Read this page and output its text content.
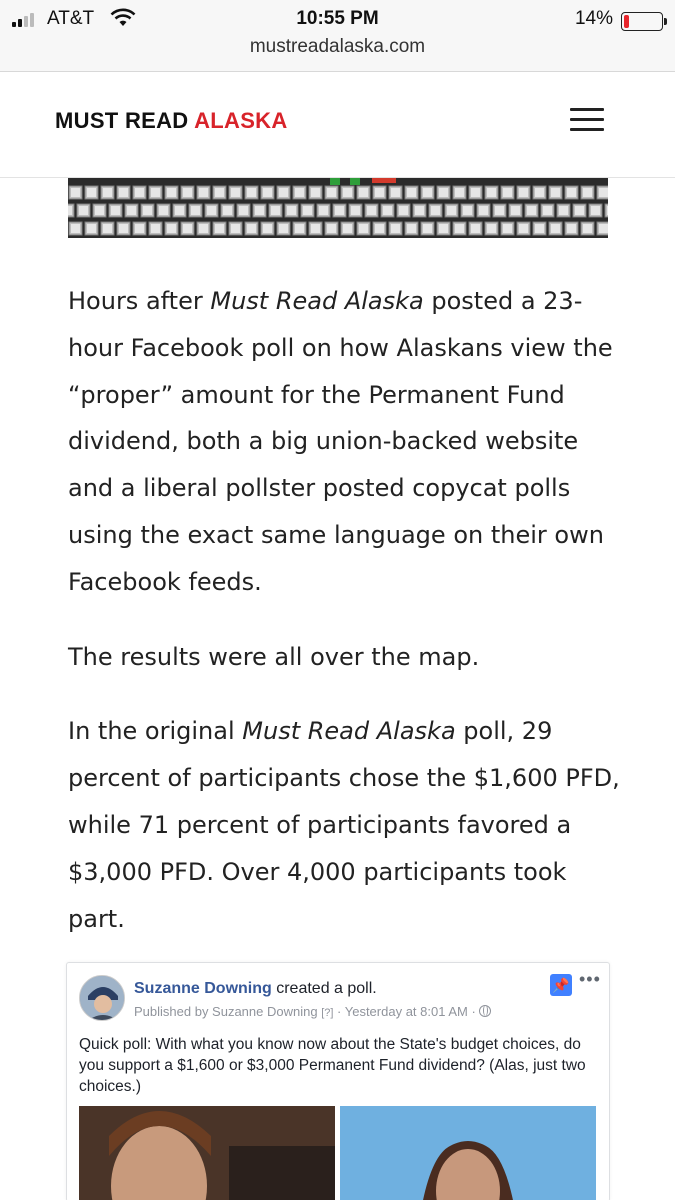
AT&T	10:55 PM	14%
mustreadalaska.com
MUST READ ALASKA

Hours after Must Read Alaska posted a 23-hour Facebook poll on how Alaskans view the “proper” amount for the Permanent Fund dividend, both a big union-backed website and a liberal pollster posted copycat polls using the exact same language on their own Facebook feeds.

The results were all over the map.

In the original Must Read Alaska poll, 29 percent of participants chose the $1,600 PFD, while 71 percent of participants favored a $3,000 PFD. Over 4,000 participants took part.

Suzanne Downing created a poll.
Published by Suzanne Downing [?] · Yesterday at 8:01 AM ·
📌 •••
Quick poll: With what you know now about the State's budget choices, do you support a $1,600 or $3,000 Permanent Fund dividend? (Alas, just two choices.)
